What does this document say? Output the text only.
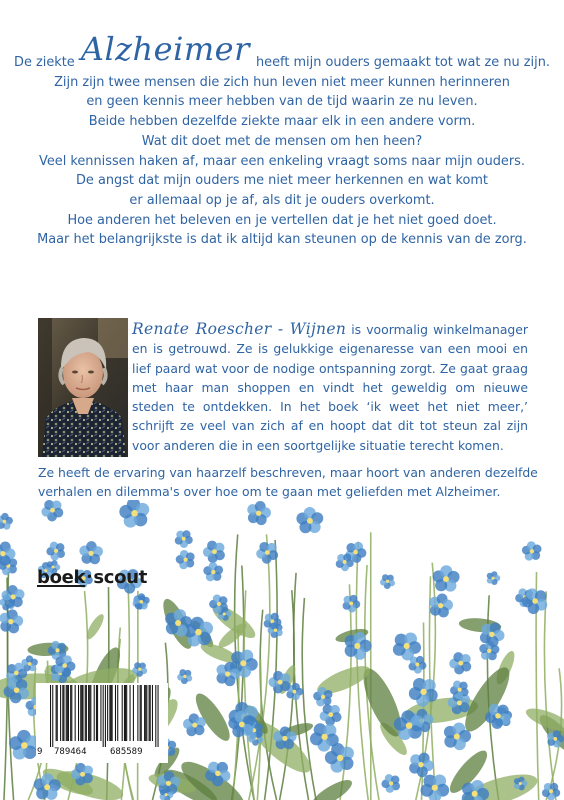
De ziekte Alzheimer heeft mijn ouders gemaakt tot wat ze nu zijn.
Zijn zijn twee mensen die zich hun leven niet meer kunnen herinneren
en geen kennis meer hebben van de tijd waarin ze nu leven.
Beide hebben dezelfde ziekte maar elk in een andere vorm.
Wat dit doet met de mensen om hen heen?
Veel kennissen haken af, maar een enkeling vraagt soms naar mijn ouders.
De angst dat mijn ouders me niet meer herkennen en wat komt
er allemaal op je af, als dit je ouders overkomt.
Hoe anderen het beleven en je vertellen dat je het niet goed doet.
Maar het belangrijkste is dat ik altijd kan steunen op de kennis van de zorg.
Renate Roescher - Wijnen is voormalig winkelmanager en is getrouwd. Ze is gelukkige eigenaresse van een mooi en lief paard wat voor de nodige ontspanning zorgt. Ze gaat graag met haar man shoppen en vindt het geweldig om nieuwe steden te ontdekken. In het boek ‘ik weet het niet meer,’ schrijft ze veel van zich af en hoopt dat dit tot steun zal zijn voor anderen die in een soortgelijke situatie terecht komen.
Ze heeft de ervaring van haarzelf beschreven, maar hoort van anderen dezelfde
verhalen en dilemma's over hoe om te gaan met geliefden met Alzheimer.
boek•scout
9 789464	685589
